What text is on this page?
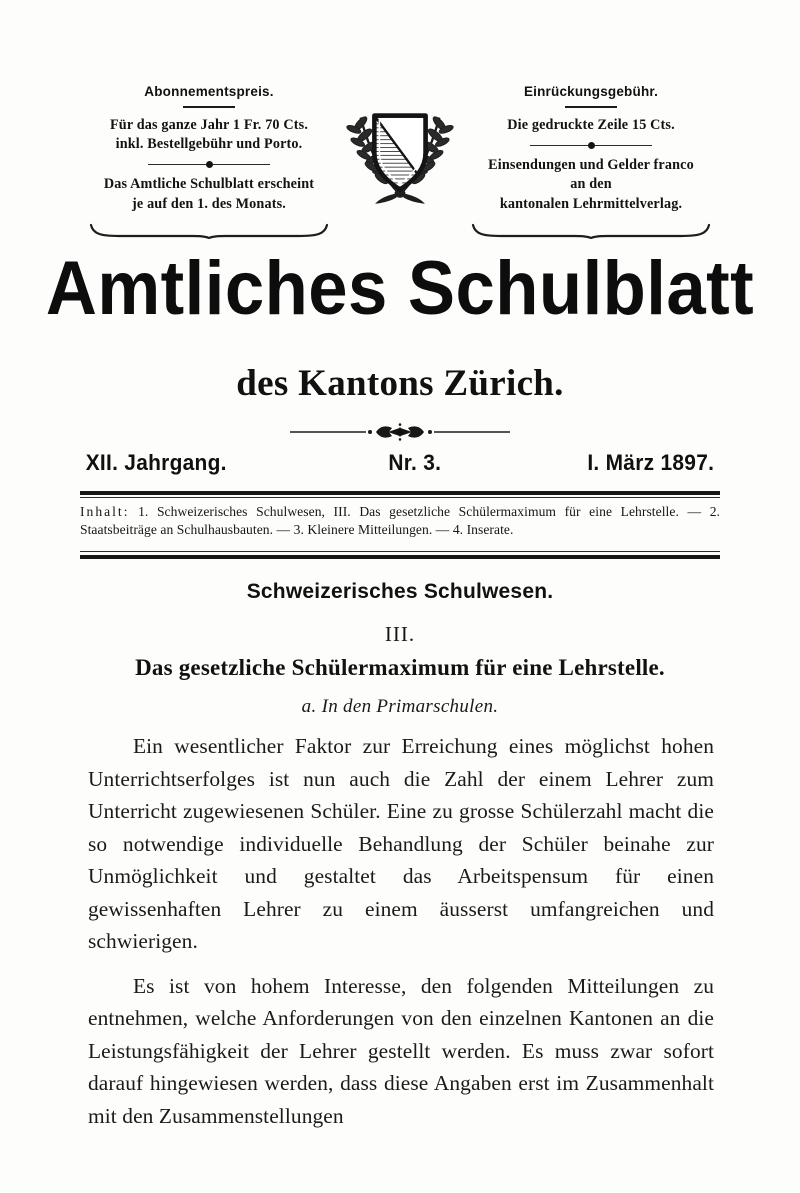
Abonnementspreis.
Für das ganze Jahr 1 Fr. 70 Cts.
inkl. Bestellgebühr und Porto.
Das Amtliche Schulblatt erscheint
je auf den 1. des Monats.
Einrückungsgebühr.
Die gedruckte Zeile 15 Cts.
Einsendungen und Gelder franco
an den
kantonalen Lehrmittelverlag.
Amtliches Schulblatt
des Kantons Zürich.
XII. Jahrgang.	Nr. 3.	I. März 1897.
Inhalt: 1. Schweizerisches Schulwesen, III. Das gesetzliche Schülermaximum für eine Lehrstelle. — 2. Staatsbeiträge an Schulhausbauten. — 3. Kleinere Mitteilungen. — 4. Inserate.
Schweizerisches Schulwesen.
III.
Das gesetzliche Schülermaximum für eine Lehrstelle.
a. In den Primarschulen.

Ein wesentlicher Faktor zur Erreichung eines möglichst hohen Unterrichtserfolges ist nun auch die Zahl der einem Lehrer zum Unterricht zugewiesenen Schüler. Eine zu grosse Schülerzahl macht die so notwendige individuelle Behandlung der Schüler beinahe zur Unmöglichkeit und gestaltet das Arbeitspensum für einen gewissenhaften Lehrer zu einem äusserst umfangreichen und schwierigen.

Es ist von hohem Interesse, den folgenden Mitteilungen zu entnehmen, welche Anforderungen von den einzelnen Kantonen an die Leistungsfähigkeit der Lehrer gestellt werden. Es muss zwar sofort darauf hingewiesen werden, dass diese Angaben erst im Zusammenhalt mit den Zusammenstellungen
